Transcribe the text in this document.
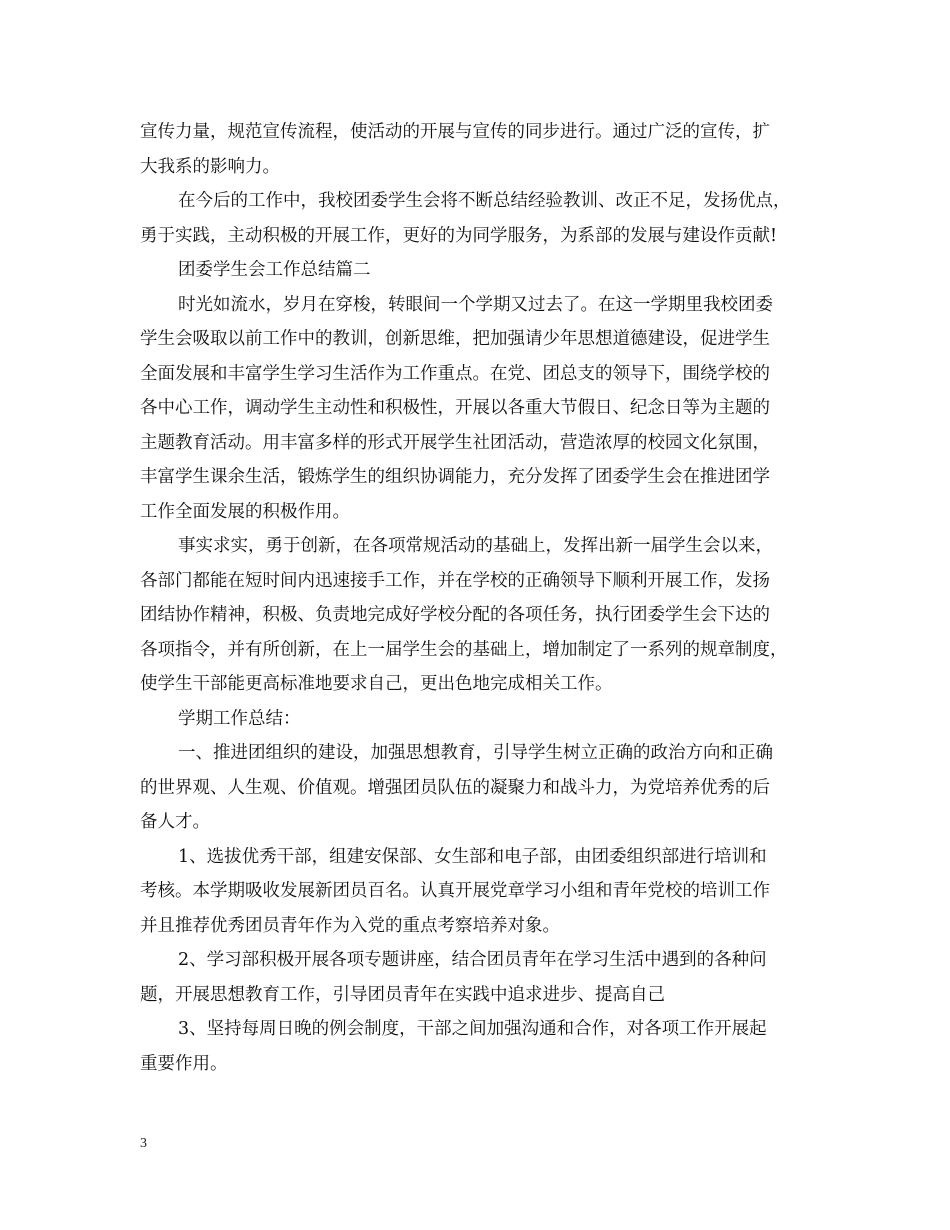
宣传力量，规范宣传流程，使活动的开展与宣传的同步进行。通过广泛的宣传，扩
大我系的影响力。
在今后的工作中，我校团委学生会将不断总结经验教训、改正不足，发扬优点，
勇于实践，主动积极的开展工作，更好的为同学服务，为系部的发展与建设作贡献!
团委学生会工作总结篇二
时光如流水，岁月在穿梭，转眼间一个学期又过去了。在这一学期里我校团委
学生会吸取以前工作中的教训，创新思维，把加强请少年思想道德建设，促进学生
全面发展和丰富学生学习生活作为工作重点。在党、团总支的领导下，围绕学校的
各中心工作，调动学生主动性和积极性，开展以各重大节假日、纪念日等为主题的
主题教育活动。用丰富多样的形式开展学生社团活动，营造浓厚的校园文化氛围，
丰富学生课余生活，锻炼学生的组织协调能力，充分发挥了团委学生会在推进团学
工作全面发展的积极作用。
事实求实，勇于创新，在各项常规活动的基础上，发挥出新一届学生会以来，
各部门都能在短时间内迅速接手工作，并在学校的正确领导下顺利开展工作，发扬
团结协作精神，积极、负责地完成好学校分配的各项任务，执行团委学生会下达的
各项指令，并有所创新，在上一届学生会的基础上，增加制定了一系列的规章制度，
使学生干部能更高标准地要求自己，更出色地完成相关工作。
学期工作总结：
一、推进团组织的建设，加强思想教育，引导学生树立正确的政治方向和正确
的世界观、人生观、价值观。增强团员队伍的凝聚力和战斗力，为党培养优秀的后
备人才。
1、选拔优秀干部，组建安保部、女生部和电子部，由团委组织部进行培训和
考核。本学期吸收发展新团员百名。认真开展党章学习小组和青年党校的培训工作
并且推荐优秀团员青年作为入党的重点考察培养对象。
2、学习部积极开展各项专题讲座，结合团员青年在学习生活中遇到的各种问
题，开展思想教育工作，引导团员青年在实践中追求进步、提高自己
3、坚持每周日晚的例会制度，干部之间加强沟通和合作，对各项工作开展起
重要作用。
3
